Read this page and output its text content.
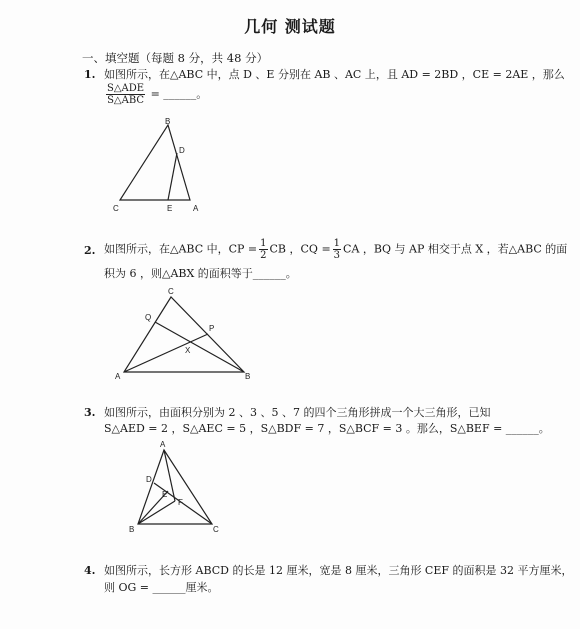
几何 测试题
一、填空题（每题 8 分，共 48 分）
1. 如图所示，在△ABC 中，点 D 、E 分别在 AB 、AC 上，且 AD = 2BD ，CE = 2AE ，那么
$\frac{\text{S△ADE}}{\text{S△ABC}}$ = ______。
B
D
C	E	A
2. 如图所示，在△ABC 中，CP = $\frac{1}{2}$ CB ，CQ = $\frac{1}{3}$ CA ，BQ 与 AP 相交于点 X ，若△ABC 的面
积为 6 ，则△ABX 的面积等于______。
C
Q
P
X
A	B
3. 如图所示，由面积分别为 2 、3 、5 、7 的四个三角形拼成一个大三角形，已知
S△AED = 2 ，S△AEC = 5 ，S△BDF = 7 ，S△BCF = 3 。那么，S△BEF = ______。
A
D
E
F
B	C
4. 如图所示，长方形 ABCD 的长是 12 厘米，宽是 8 厘米，三角形 CEF 的面积是 32 平方厘米，
则 OG = ______厘米。
